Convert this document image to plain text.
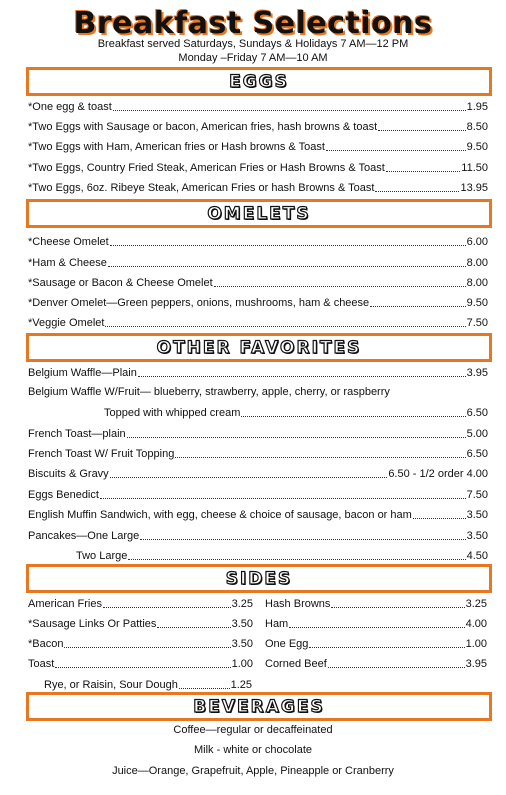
Breakfast Selections
Breakfast served Saturdays, Sundays & Holidays 7 AM—12 PM
Monday –Friday 7 AM—10 AM
EGGS
*One egg & toast	1.95
*Two Eggs with Sausage or bacon, American fries, hash browns & toast	8.50
*Two Eggs with Ham, American fries or Hash browns & Toast	9.50
*Two Eggs, Country Fried Steak, American Fries or Hash Browns & Toast	11.50
*Two Eggs, 6oz. Ribeye Steak, American Fries or hash Browns & Toast	13.95
OMELETS
*Cheese Omelet	6.00
*Ham & Cheese	8.00
*Sausage or Bacon & Cheese Omelet	8.00
*Denver Omelet—Green peppers, onions, mushrooms, ham & cheese	9.50
*Veggie Omelet	7.50
OTHER FAVORITES
Belgium Waffle—Plain	3.95
Belgium Waffle W/Fruit— blueberry, strawberry, apple, cherry, or raspberry
Topped with whipped cream	6.50
French Toast—plain	5.00
French Toast W/ Fruit Topping	6.50
Biscuits & Gravy	6.50 - 1/2 order 4.00
Eggs Benedict	7.50
English Muffin Sandwich, with egg, cheese & choice of sausage, bacon or ham	3.50
Pancakes—One Large	3.50
Two Large	4.50
SIDES
American Fries	3.25
*Sausage Links Or Patties	3.50
*Bacon	3.50
Toast	1.00
Hash Browns	3.25
Ham	4.00
One Egg	1.00
Corned Beef	3.95
Rye, or Raisin, Sour Dough	1.25
BEVERAGES
Coffee—regular or decaffeinated
Milk - white or chocolate
Juice—Orange, Grapefruit, Apple, Pineapple or Cranberry
